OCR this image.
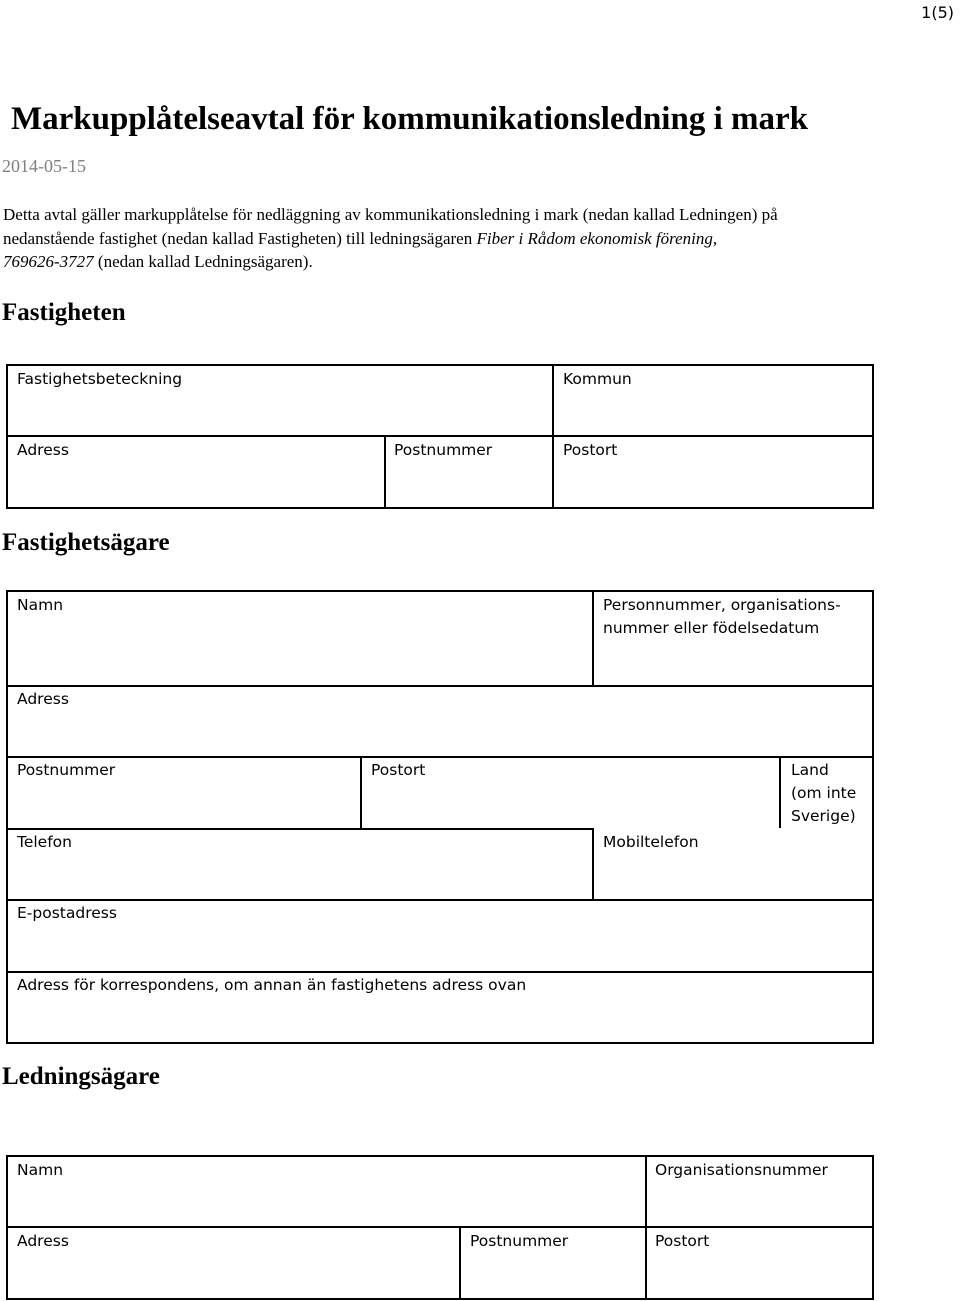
1(5)
Markupplåtelseavtal för kommunikationsledning i mark
2014-05-15

Detta avtal gäller markupplåtelse för nedläggning av kommunikationsledning i mark (nedan kallad Ledningen) på

nedanstående fastighet (nedan kallad Fastigheten) till ledningsägaren Fiber i Rådom ekonomisk förening,

769626-3727 (nedan kallad Ledningsägaren).

Fastigheten
Fastighetsbeteckning	Kommun
Adress	Postnummer	Postort
Fastighetsägare
Namn	Personnummer, organisations-
nummer eller födelsedatum
Adress
Postnummer	Postort	Land
(om inte
Sverige)
Telefon	Mobiltelefon
E-postadress
Adress för korrespondens, om annan än fastighetens adress ovan
Ledningsägare
Namn	Organisationsnummer
Adress	Postnummer	Postort
